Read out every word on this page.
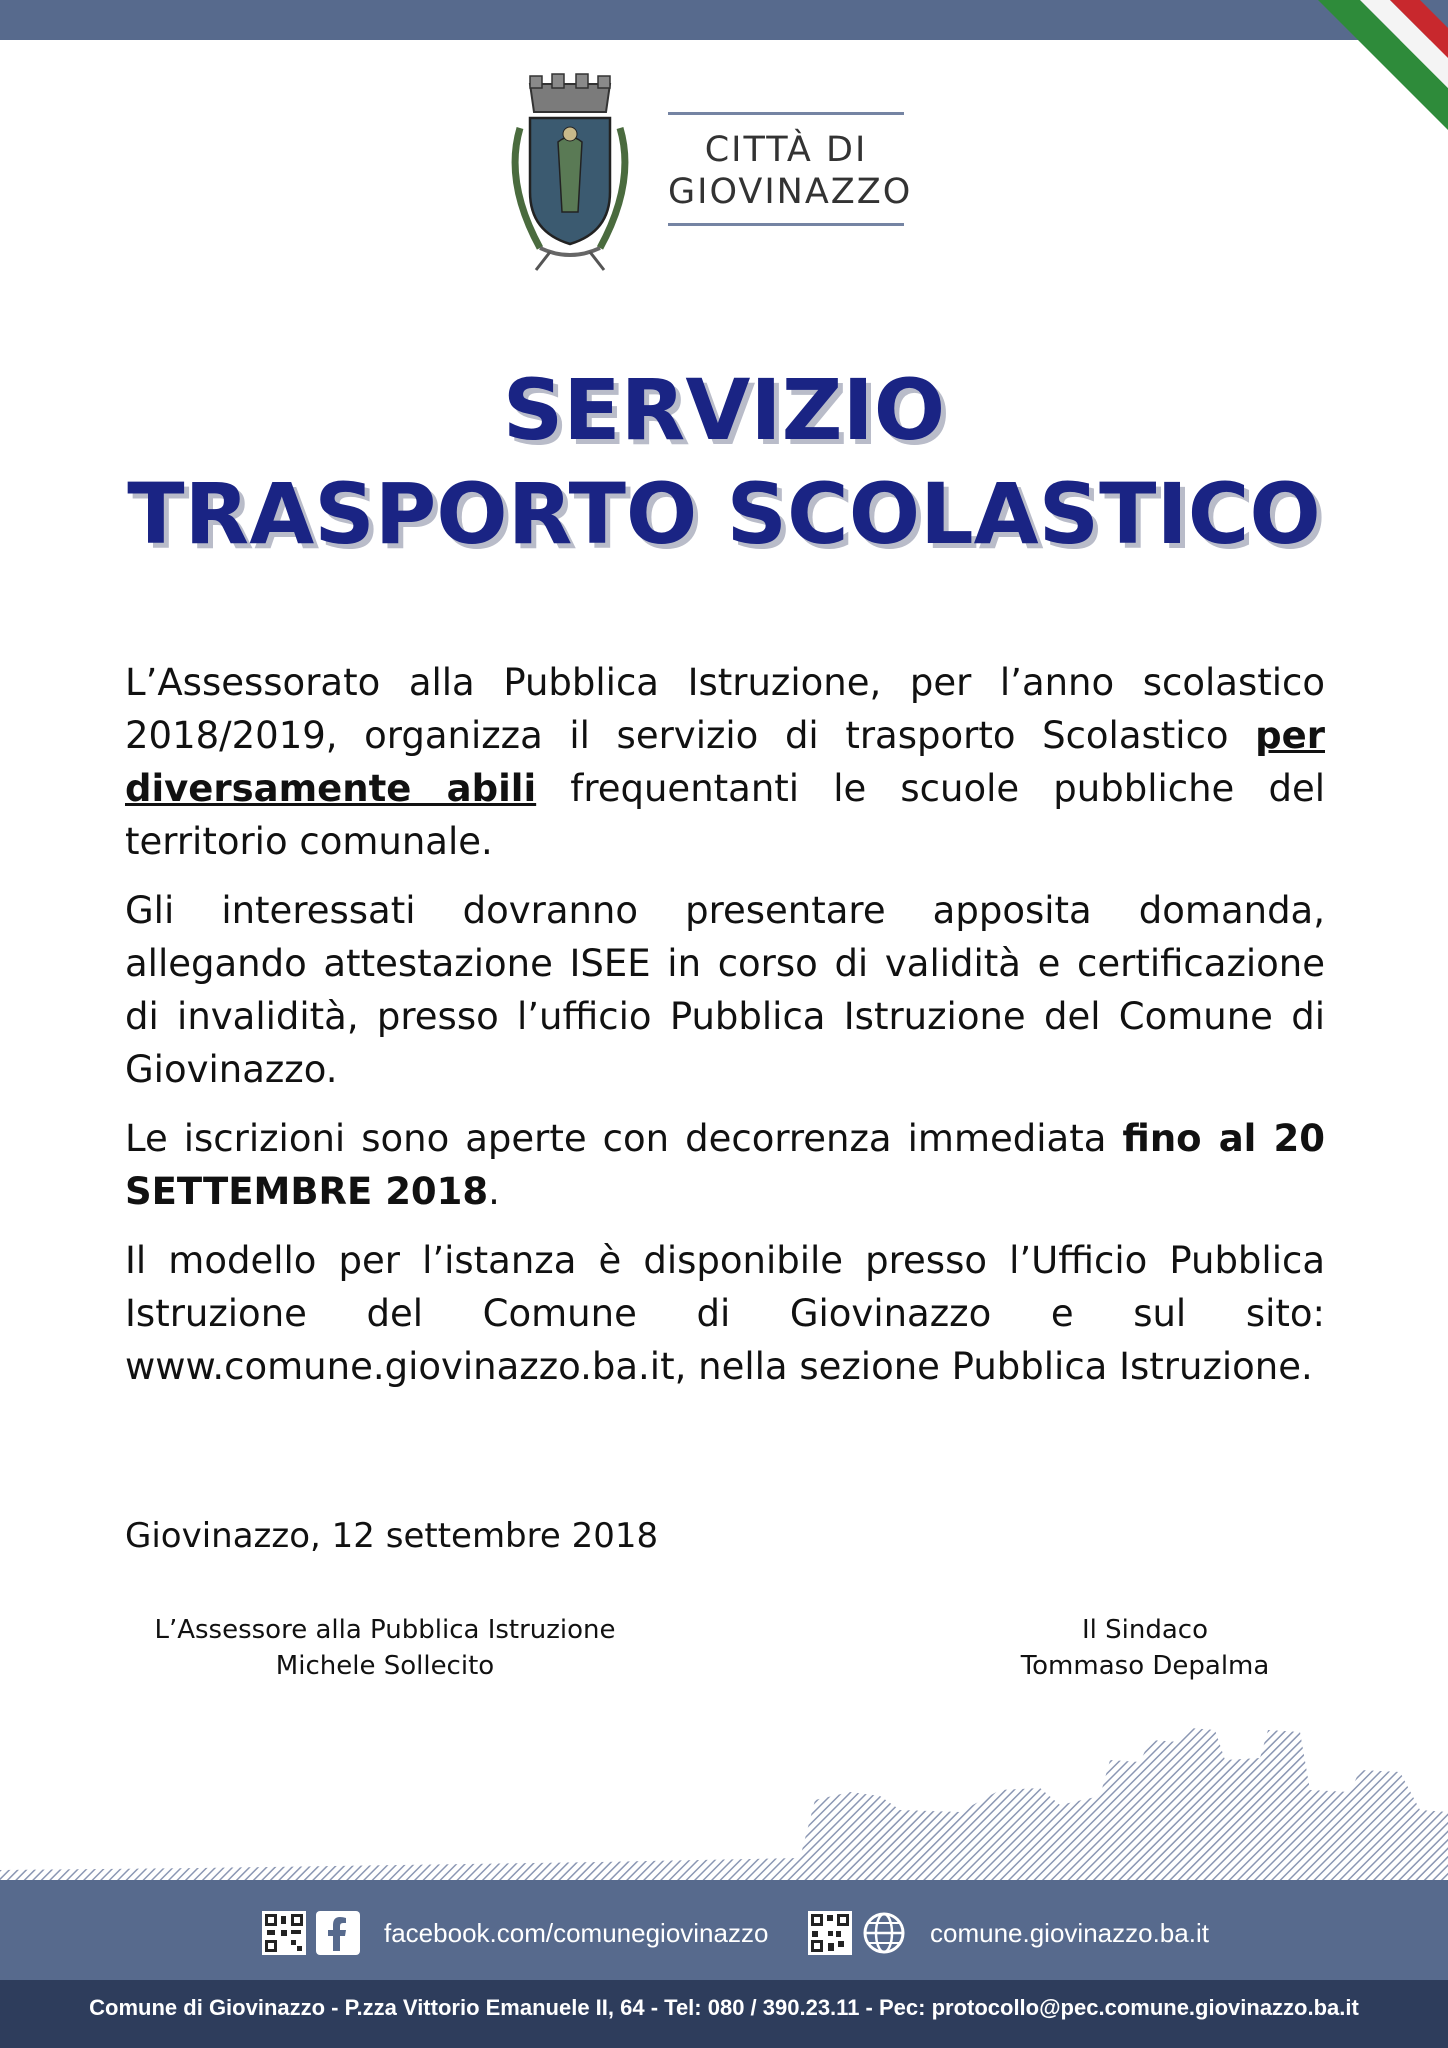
CITTÀ DI
GIOVINAZZO
SERVIZIO
TRASPORTO SCOLASTICO

L’Assessorato alla Pubblica Istruzione, per l’anno scolastico 2018/2019, organizza il servizio di trasporto Scolastico per diversamente abili frequentanti le scuole pubbliche del territorio comunale.

Gli interessati dovranno presentare apposita domanda, allegando attestazione ISEE in corso di validità e certificazione di invalidità, presso l’ufficio Pubblica Istruzione del Comune di Giovinazzo.

Le iscrizioni sono aperte con decorrenza immediata fino al 20 SETTEMBRE 2018.

Il modello per l’istanza è disponibile presso l’Ufficio Pubblica Istruzione del Comune di Giovinazzo e sul sito: www.comune.giovinazzo.ba.it, nella sezione Pubblica Istruzione.

Giovinazzo, 12 settembre 2018
L’Assessore alla Pubblica Istruzione
Michele Sollecito
Il Sindaco
Tommaso Depalma
facebook.com/comunegiovinazzo	comune.giovinazzo.ba.it
Comune di Giovinazzo - P.zza Vittorio Emanuele II, 64 - Tel: 080 / 390.23.11 - Pec: protocollo@pec.comune.giovinazzo.ba.it
